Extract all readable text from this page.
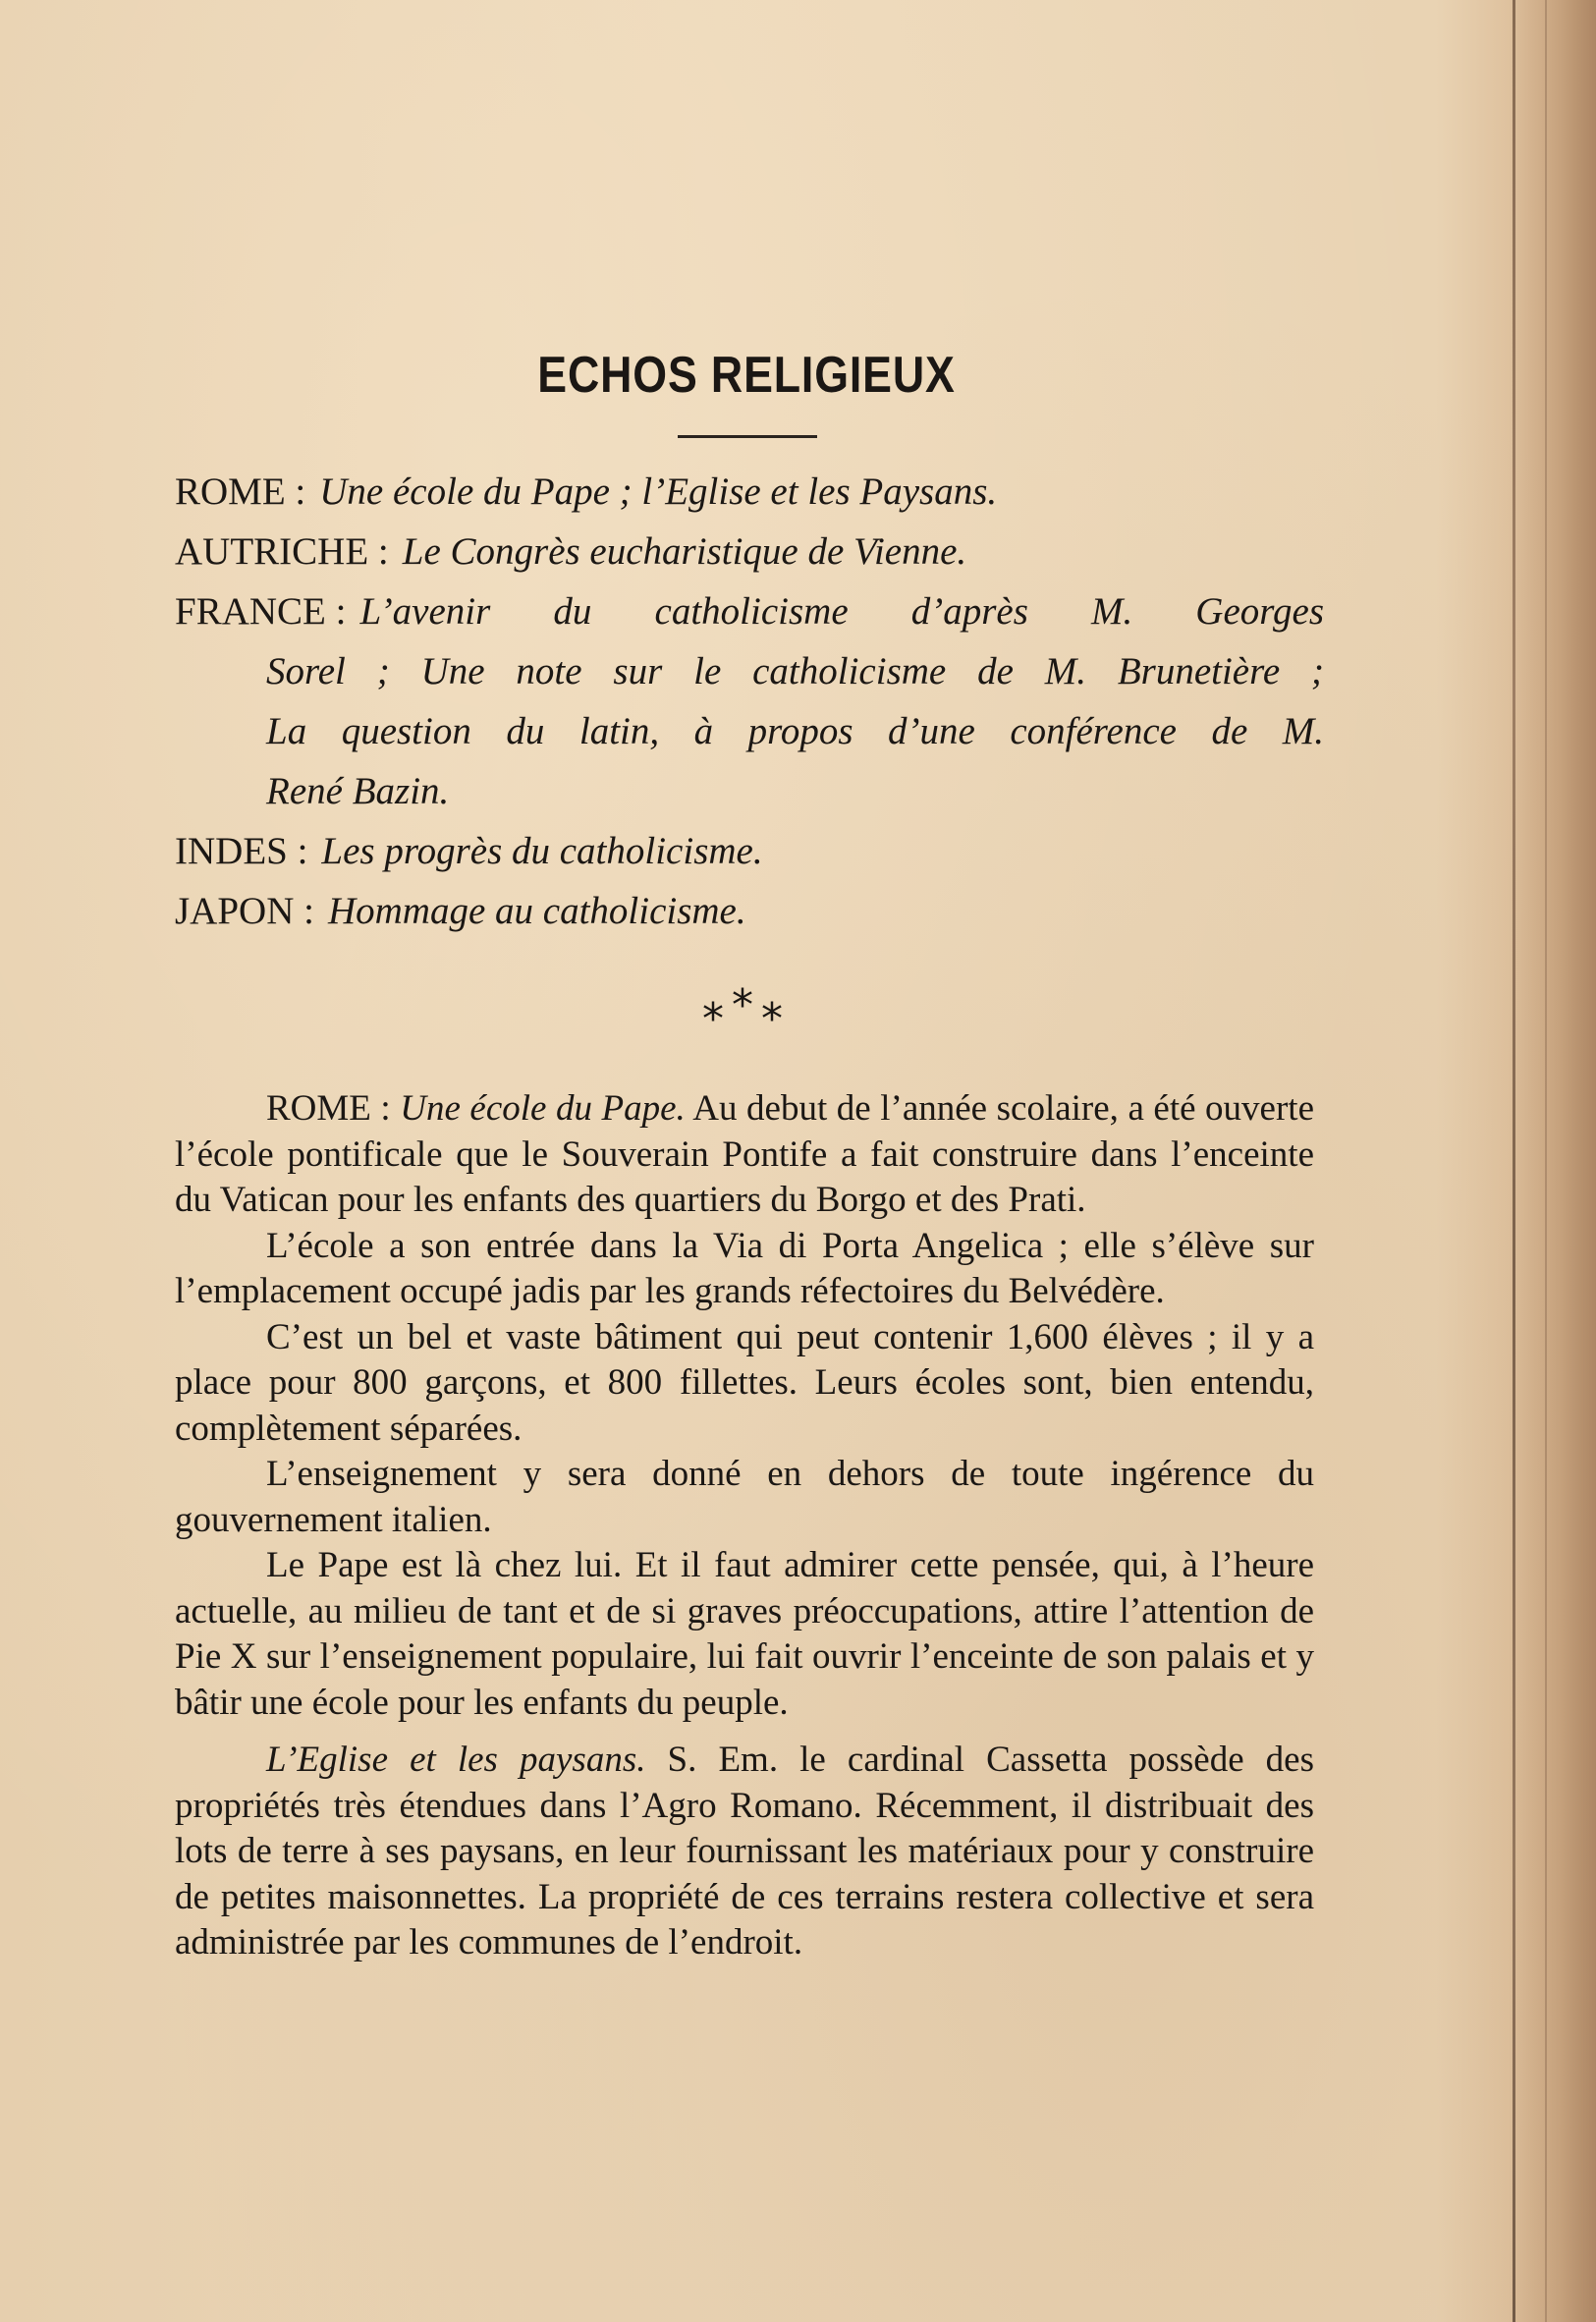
ECHOS RELIGIEUX
ROME : Une école du Pape ; l’Eglise et les Paysans.
AUTRICHE : Le Congrès eucharistique de Vienne.
FRANCE : L’avenir du catholicisme d’après M. Georges
Sorel ; Une note sur le catholicisme de M. Brunetière ;
La question du latin, à propos d’une conférence de M.
René Bazin.
INDES : Les progrès du catholicisme.
JAPON : Hommage au catholicisme.
***

ROME : Une école du Pape. Au debut de l’année scolaire, a été ouverte l’école pontificale que le Souverain Pontife a fait construire dans l’enceinte du Vatican pour les enfants des quartiers du Borgo et des Prati.

L’école a son entrée dans la Via di Porta Angelica ; elle s’élève sur l’emplacement occupé jadis par les grands réfectoires du Belvédère.

C’est un bel et vaste bâtiment qui peut contenir 1,600 élèves ; il y a place pour 800 garçons, et 800 fillettes. Leurs écoles sont, bien entendu, complètement séparées.

L’enseignement y sera donné en dehors de toute ingérence du gouvernement italien.

Le Pape est là chez lui. Et il faut admirer cette pensée, qui, à l’heure actuelle, au milieu de tant et de si graves préoccupations, attire l’attention de Pie X sur l’enseignement populaire, lui fait ouvrir l’enceinte de son palais et y bâtir une école pour les enfants du peuple.

L’Eglise et les paysans. S. Em. le cardinal Cassetta possède des propriétés très étendues dans l’Agro Romano. Récemment, il distribuait des lots de terre à ses paysans, en leur fournissant les matériaux pour y construire de petites maisonnettes. La propriété de ces terrains restera collective et sera administrée par les communes de l’endroit.
